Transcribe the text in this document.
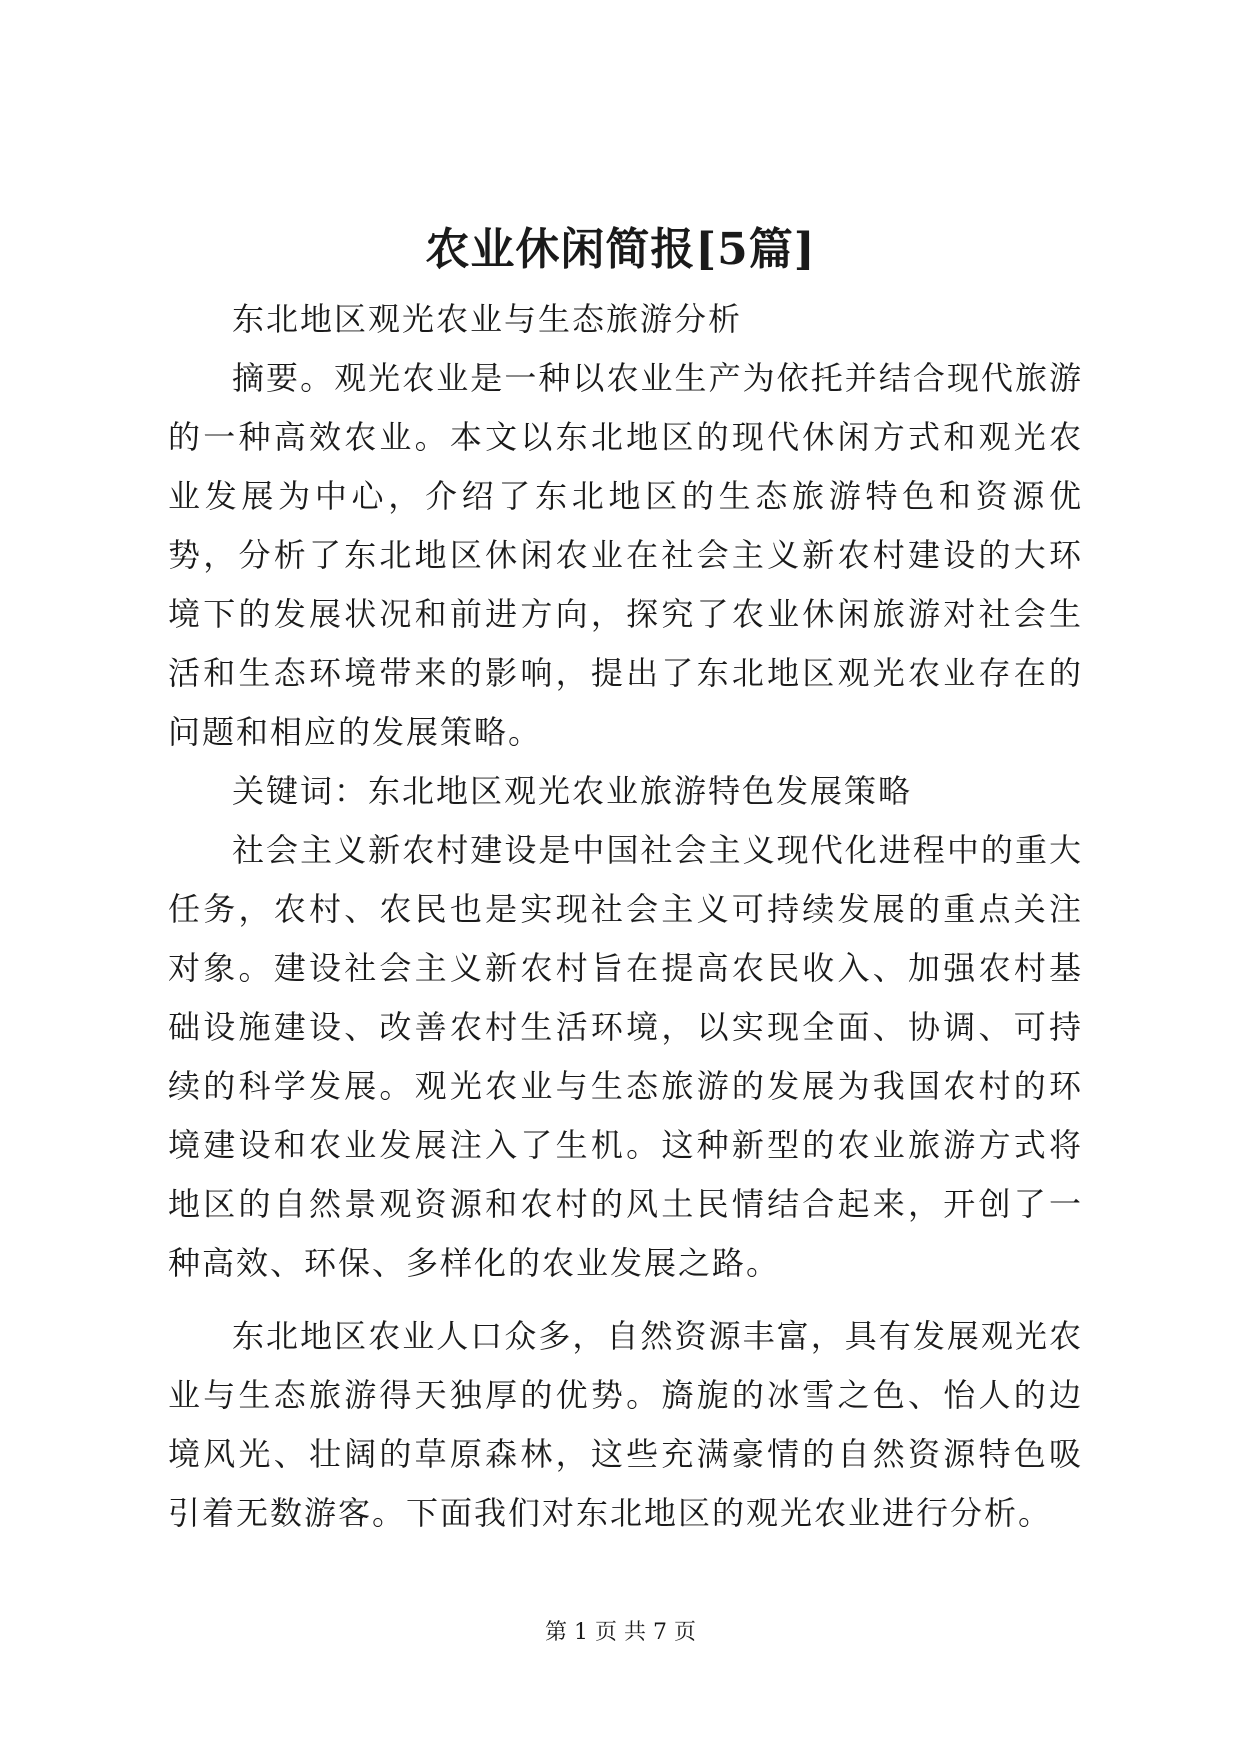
农业休闲简报[5篇]

东北地区观光农业与生态旅游分析

摘要。观光农业是一种以农业生产为依托并结合现代旅游的一种高效农业。本文以东北地区的现代休闲方式和观光农业发展为中心，介绍了东北地区的生态旅游特色和资源优势，分析了东北地区休闲农业在社会主义新农村建设的大环境下的发展状况和前进方向，探究了农业休闲旅游对社会生活和生态环境带来的影响，提出了东北地区观光农业存在的问题和相应的发展策略。

关键词：东北地区观光农业旅游特色发展策略

社会主义新农村建设是中国社会主义现代化进程中的重大任务，农村、农民也是实现社会主义可持续发展的重点关注对象。建设社会主义新农村旨在提高农民收入、加强农村基础设施建设、改善农村生活环境，以实现全面、协调、可持续的科学发展。观光农业与生态旅游的发展为我国农村的环境建设和农业发展注入了生机。这种新型的农业旅游方式将地区的自然景观资源和农村的风土民情结合起来，开创了一种高效、环保、多样化的农业发展之路。

东北地区农业人口众多，自然资源丰富，具有发展观光农业与生态旅游得天独厚的优势。旖旎的冰雪之色、怡人的边境风光、壮阔的草原森林，这些充满豪情的自然资源特色吸引着无数游客。下面我们对东北地区的观光农业进行分析。

第 1 页 共 7 页
